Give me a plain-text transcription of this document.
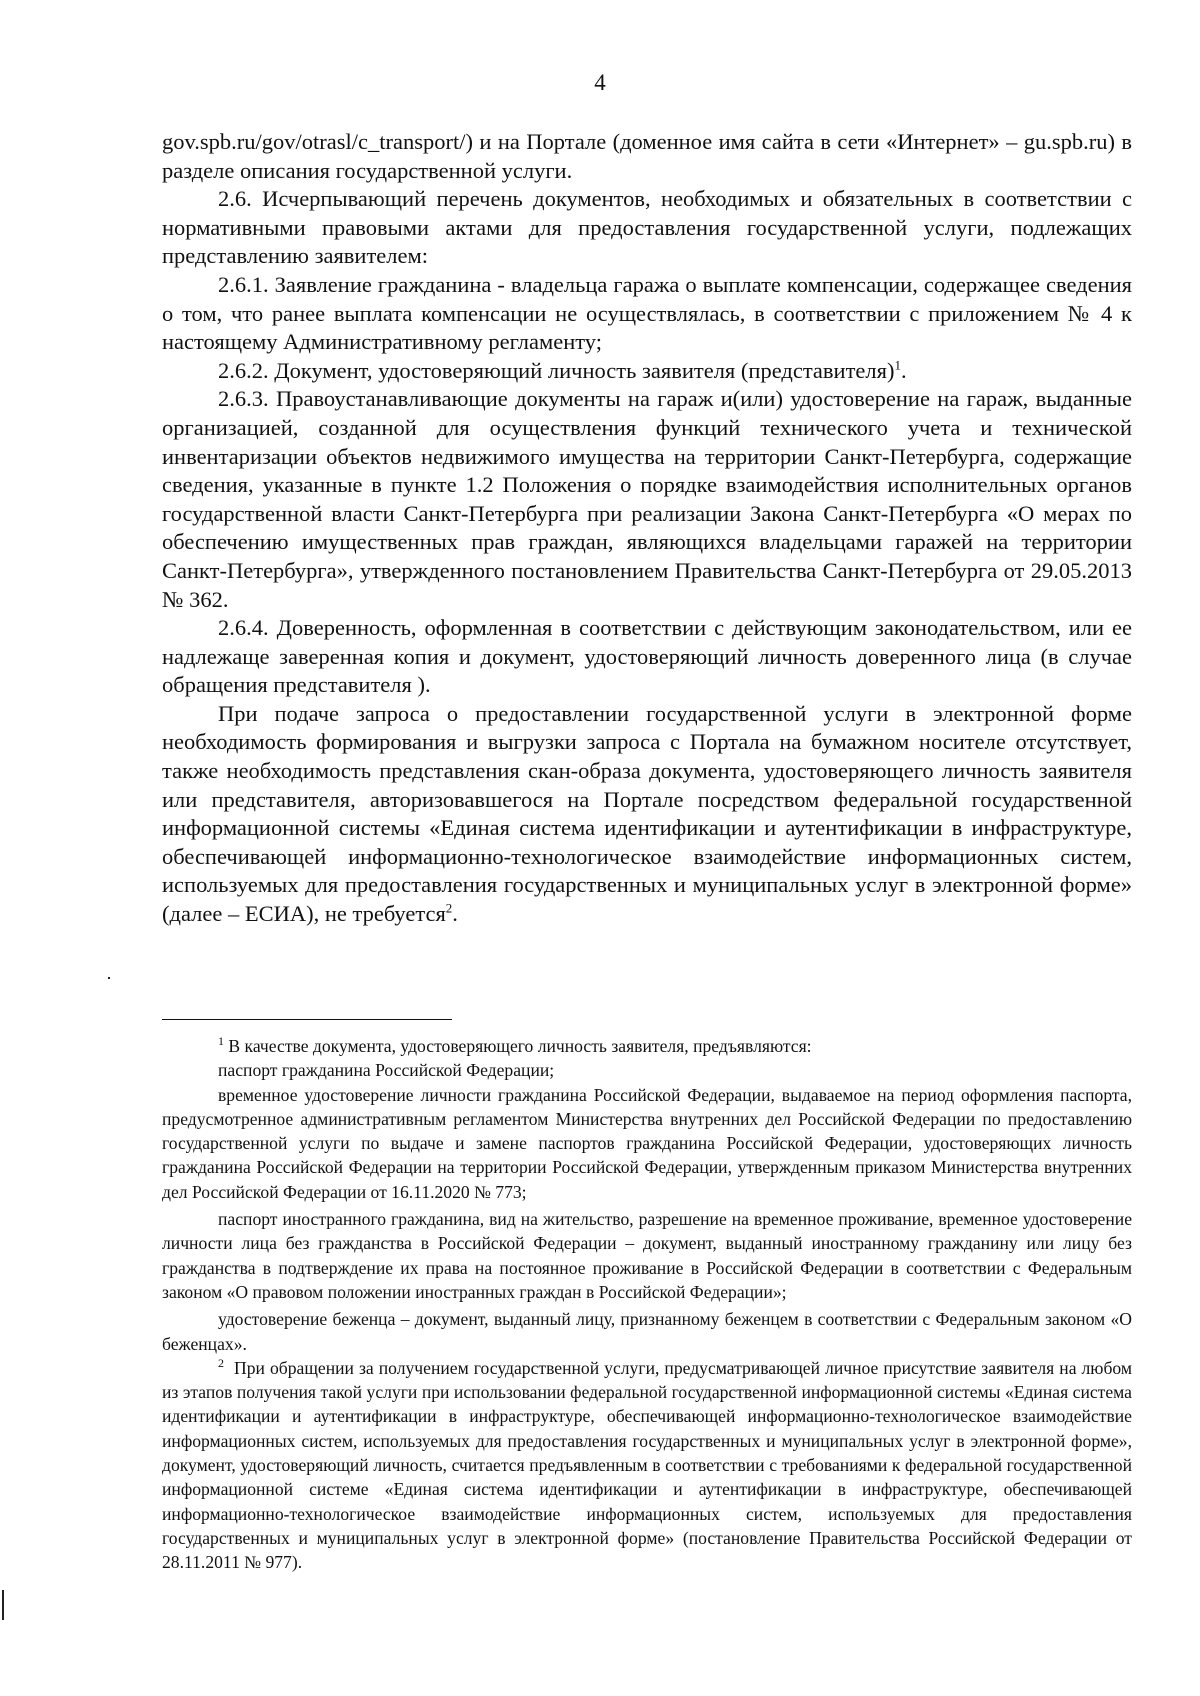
4

gov.spb.ru/gov/otrasl/c_transport/) и на Портале (доменное имя сайта в сети «Интернет» – gu.spb.ru) в разделе описания государственной услуги.

2.6. Исчерпывающий перечень документов, необходимых и обязательных в соответствии с нормативными правовыми актами для предоставления государственной услуги, подлежащих представлению заявителем:

2.6.1. Заявление гражданина - владельца гаража о выплате компенсации, содержащее сведения о том, что ранее выплата компенсации не осуществлялась, в соответствии с приложением № 4 к настоящему Административному регламенту;

2.6.2. Документ, удостоверяющий личность заявителя (представителя)$^1$.

2.6.3. Правоустанавливающие документы на гараж и(или) удостоверение на гараж, выданные организацией, созданной для осуществления функций технического учета и технической инвентаризации объектов недвижимого имущества на территории Санкт-Петербурга, содержащие сведения, указанные в пункте 1.2 Положения о порядке взаимодействия исполнительных органов государственной власти Санкт-Петербурга при реализации Закона Санкт-Петербурга «О мерах по обеспечению имущественных прав граждан, являющихся владельцами гаражей на территории Санкт-Петербурга», утвержденного постановлением Правительства Санкт-Петербурга от 29.05.2013 № 362.

2.6.4. Доверенность, оформленная в соответствии с действующим законодательством, или ее надлежаще заверенная копия и документ, удостоверяющий личность доверенного лица (в случае обращения представителя ).

При подаче запроса о предоставлении государственной услуги в электронной форме необходимость формирования и выгрузки запроса с Портала на бумажном носителе отсутствует, также необходимость представления скан-образа документа, удостоверяющего личность заявителя или представителя, авторизовавшегося на Портале посредством федеральной государственной информационной системы «Единая система идентификации и аутентификации в инфраструктуре, обеспечивающей информационно-технологическое взаимодействие информационных систем, используемых для предоставления государственных и муниципальных услуг в электронной форме» (далее – ЕСИА), не требуется$^2$.

$^1$ В качестве документа, удостоверяющего личность заявителя, предъявляются:

паспорт гражданина Российской Федерации;

временное удостоверение личности гражданина Российской Федерации, выдаваемое на период оформления паспорта, предусмотренное административным регламентом Министерства внутренних дел Российской Федерации по предоставлению государственной услуги по выдаче и замене паспортов гражданина Российской Федерации, удостоверяющих личность гражданина Российской Федерации на территории Российской Федерации, утвержденным приказом Министерства внутренних дел Российской Федерации от 16.11.2020 № 773;

паспорт иностранного гражданина, вид на жительство, разрешение на временное проживание, временное удостоверение личности лица без гражданства в Российской Федерации – документ, выданный иностранному гражданину или лицу без гражданства в подтверждение их права на постоянное проживание в Российской Федерации в соответствии с Федеральным законом «О правовом положении иностранных граждан в Российской Федерации»;

удостоверение беженца – документ, выданный лицу, признанному беженцем в соответствии с Федеральным законом «О беженцах».

$^2$ При обращении за получением государственной услуги, предусматривающей личное присутствие заявителя на любом из этапов получения такой услуги при использовании федеральной государственной информационной системы «Единая система идентификации и аутентификации в инфраструктуре, обеспечивающей информационно-технологическое взаимодействие информационных систем, используемых для предоставления государственных и муниципальных услуг в электронной форме», документ, удостоверяющий личность, считается предъявленным в соответствии с требованиями к федеральной государственной информационной системе «Единая система идентификации и аутентификации в инфраструктуре, обеспечивающей информационно-технологическое взаимодействие информационных систем, используемых для предоставления государственных и муниципальных услуг в электронной форме» (постановление Правительства Российской Федерации от 28.11.2011 № 977).
